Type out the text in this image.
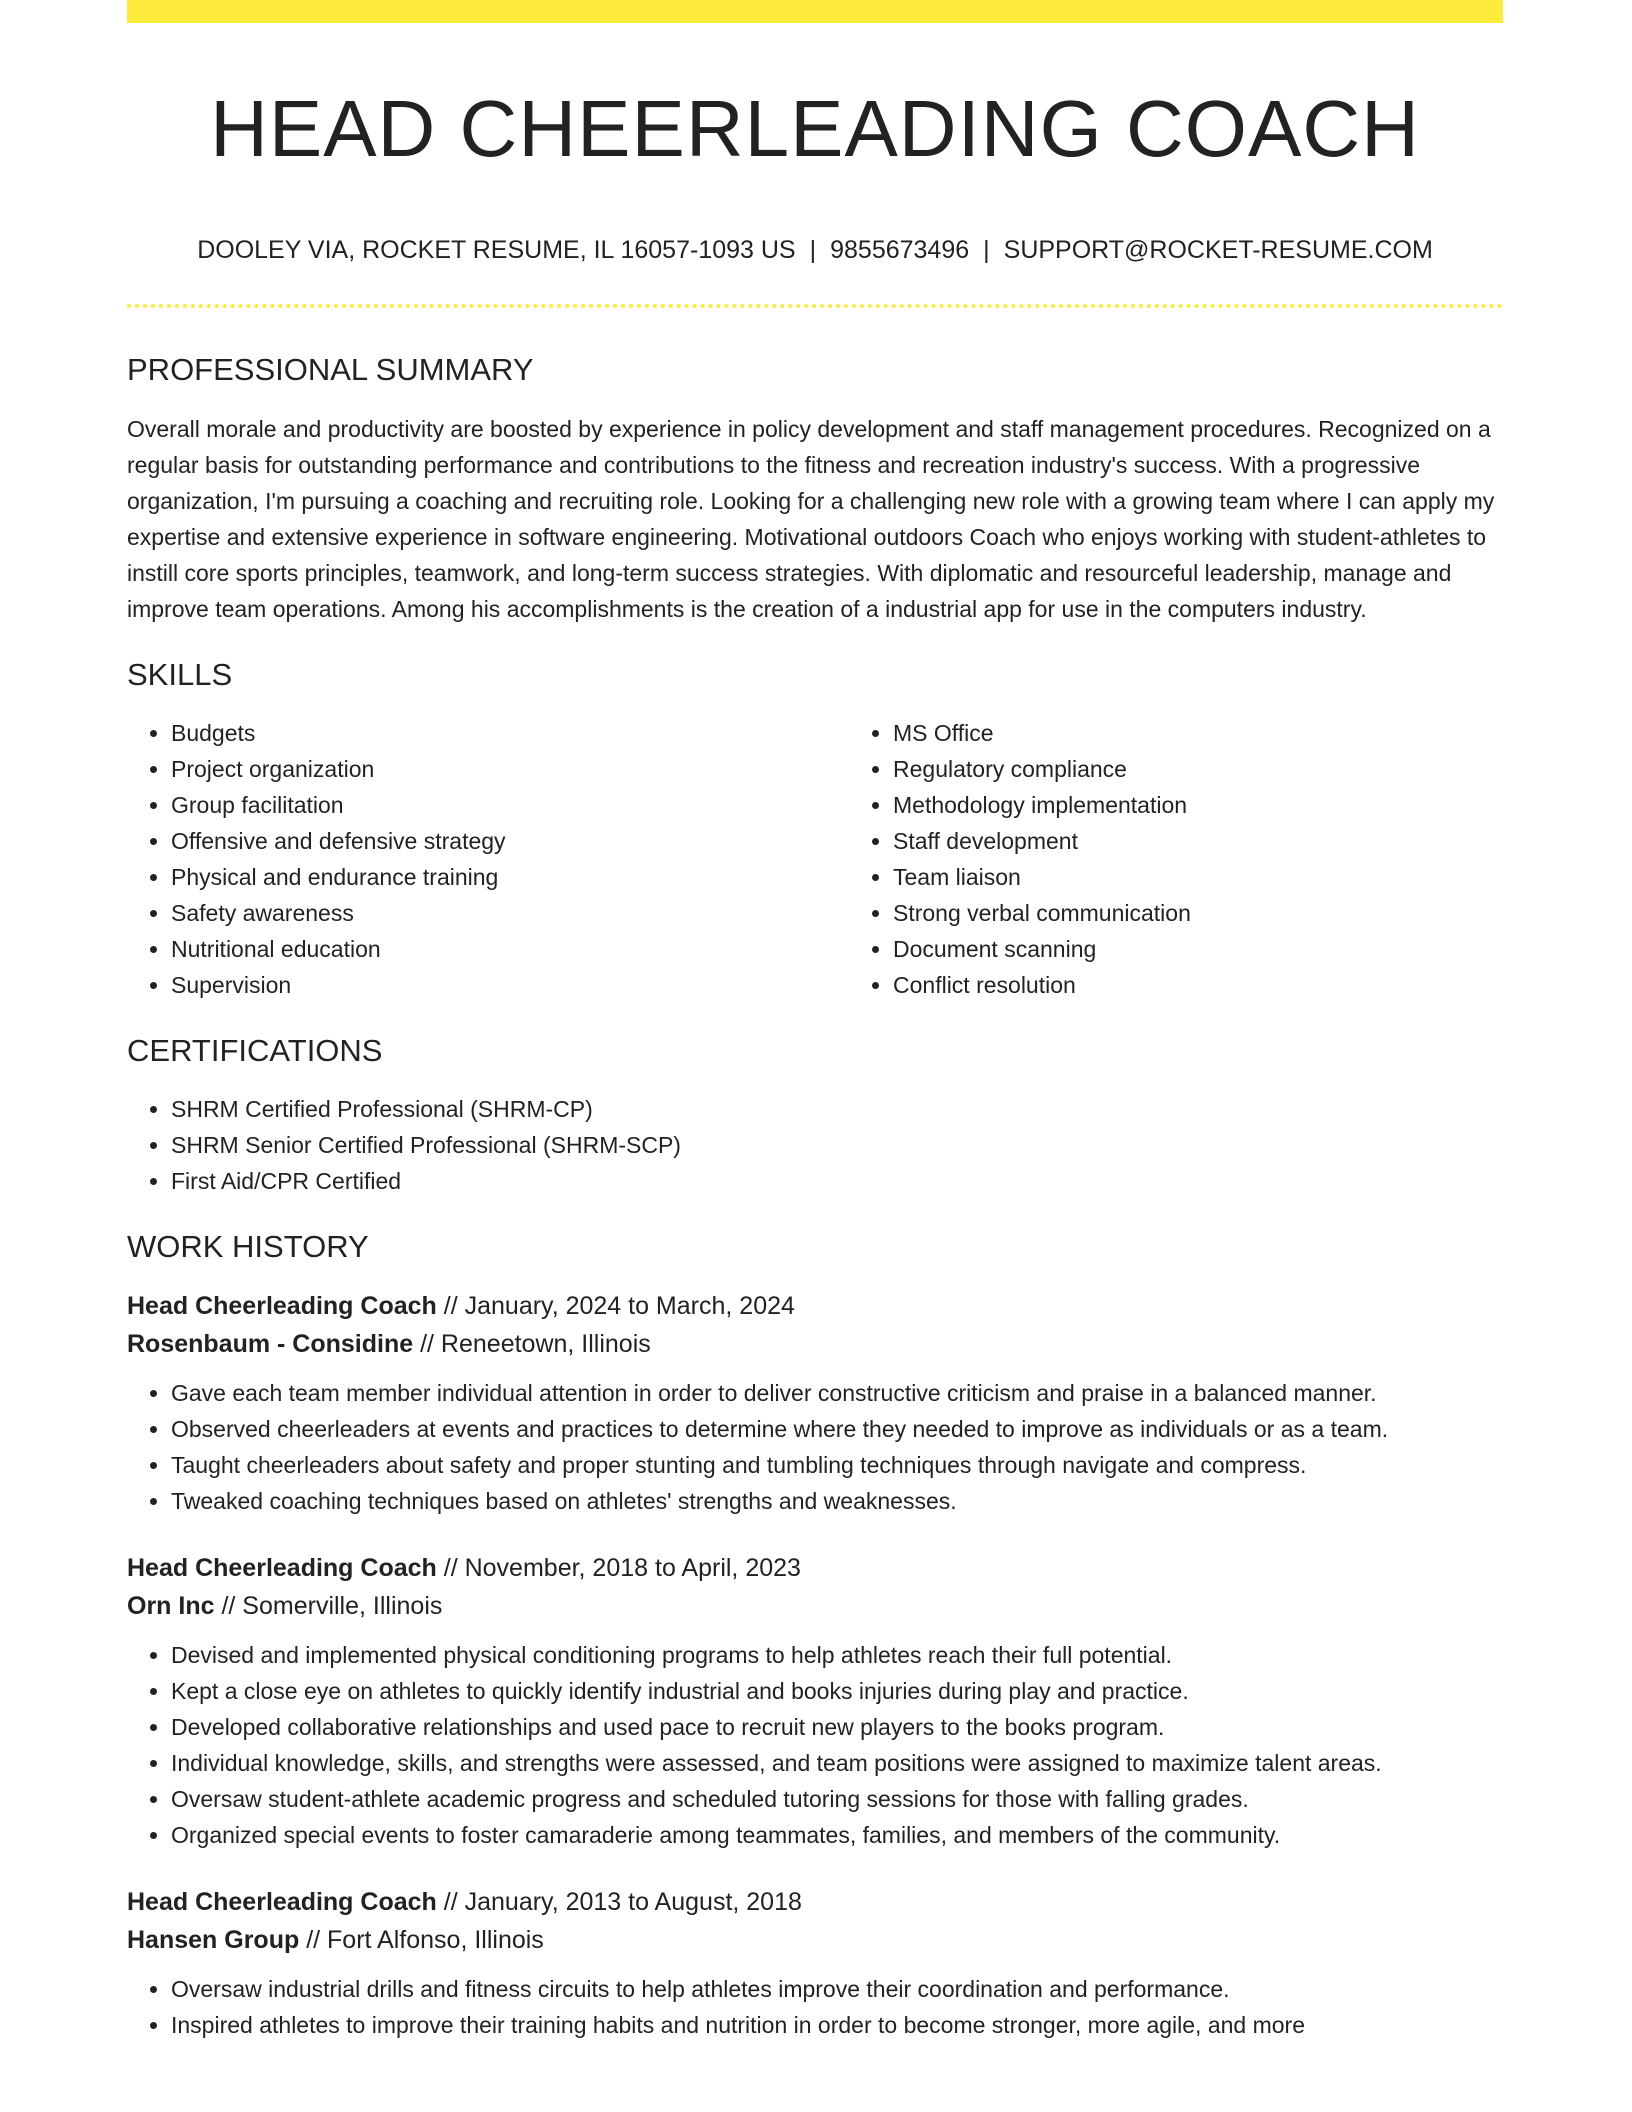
HEAD CHEERLEADING COACH
DOOLEY VIA, ROCKET RESUME, IL 16057-1093 US | 9855673496 | SUPPORT@ROCKET-RESUME.COM
PROFESSIONAL SUMMARY
Overall morale and productivity are boosted by experience in policy development and staff management procedures. Recognized on a regular basis for outstanding performance and contributions to the fitness and recreation industry's success. With a progressive organization, I'm pursuing a coaching and recruiting role. Looking for a challenging new role with a growing team where I can apply my expertise and extensive experience in software engineering. Motivational outdoors Coach who enjoys working with student-athletes to instill core sports principles, teamwork, and long-term success strategies. With diplomatic and resourceful leadership, manage and improve team operations. Among his accomplishments is the creation of a industrial app for use in the computers industry.
SKILLS
• Budgets
• Project organization
• Group facilitation
• Offensive and defensive strategy
• Physical and endurance training
• Safety awareness
• Nutritional education
• Supervision
• MS Office
• Regulatory compliance
• Methodology implementation
• Staff development
• Team liaison
• Strong verbal communication
• Document scanning
• Conflict resolution
CERTIFICATIONS
• SHRM Certified Professional (SHRM-CP)
• SHRM Senior Certified Professional (SHRM-SCP)
• First Aid/CPR Certified
WORK HISTORY
Head Cheerleading Coach // January, 2024 to March, 2024
Rosenbaum - Considine // Reneetown, Illinois
• Gave each team member individual attention in order to deliver constructive criticism and praise in a balanced manner.
• Observed cheerleaders at events and practices to determine where they needed to improve as individuals or as a team.
• Taught cheerleaders about safety and proper stunting and tumbling techniques through navigate and compress.
• Tweaked coaching techniques based on athletes' strengths and weaknesses.
Head Cheerleading Coach // November, 2018 to April, 2023
Orn Inc // Somerville, Illinois
• Devised and implemented physical conditioning programs to help athletes reach their full potential.
• Kept a close eye on athletes to quickly identify industrial and books injuries during play and practice.
• Developed collaborative relationships and used pace to recruit new players to the books program.
• Individual knowledge, skills, and strengths were assessed, and team positions were assigned to maximize talent areas.
• Oversaw student-athlete academic progress and scheduled tutoring sessions for those with falling grades.
• Organized special events to foster camaraderie among teammates, families, and members of the community.
Head Cheerleading Coach // January, 2013 to August, 2018
Hansen Group // Fort Alfonso, Illinois
• Oversaw industrial drills and fitness circuits to help athletes improve their coordination and performance.
• Inspired athletes to improve their training habits and nutrition in order to become stronger, more agile, and more
